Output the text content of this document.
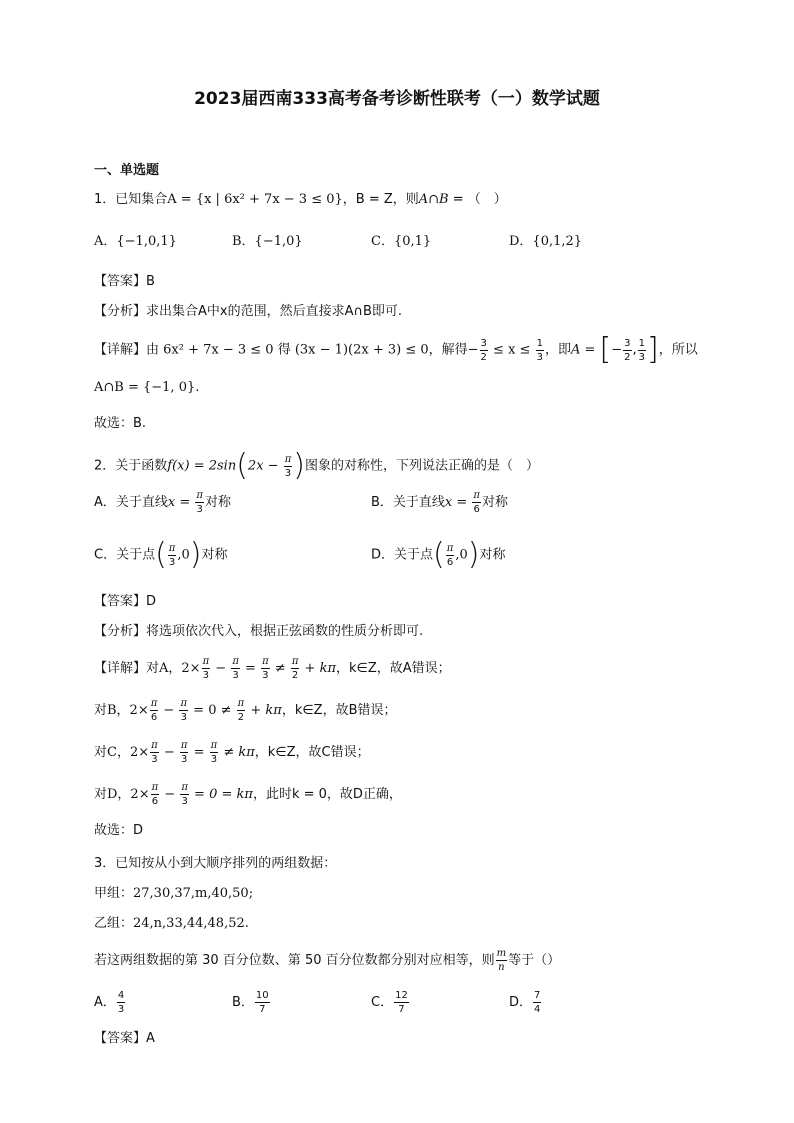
2023届西南333高考备考诊断性联考（一）数学试题
一、单选题
1．已知集合A = {x | 6x² + 7x − 3 ≤ 0}，B = Z，则A∩B = （　）
A．{−1,0,1}	B．{−1,0}	C．{0,1}	D．{0,1,2}
【答案】B
【分析】求出集合A中x的范围，然后直接求A∩B即可.
【详解】由 6x² + 7x − 3 ≤ 0 得 (3x − 1)(2x + 3) ≤ 0，解得− $\frac{3}{2} \le x \le \frac{1}{3}$ ，即A = [− $\frac{3}{2}$ , $\frac{1}{3}$ ]，所以
A∩B = {−1, 0}.
故选：B.
2．关于函数$f(x) = 2\sin(2x - \frac{\pi}{3}$ )图象的对称性，下列说法正确的是（　）
A．关于直线$x = \frac{\pi}{3}$ 对称	B．关于直线$x = \frac{\pi}{6}$ 对称
C．关于点( $\frac{\pi}{3} ,0$)对称	D．关于点( $\frac{\pi}{6} ,0$)对称
【答案】D
【分析】将选项依次代入，根据正弦函数的性质分析即可.
【详解】对A，$2\times \frac{\pi}{3} - \frac{\pi}{3} = \frac{\pi}{3} \ne \frac{\pi}{2} + k\pi$，k∈Z，故A错误；
对B，$2\times \frac{\pi}{6} - \frac{\pi}{3} = 0 \ne \frac{\pi}{2} + k\pi$，k∈Z，故B错误；
对C，$2\times \frac{\pi}{3} - \frac{\pi}{3} = \frac{\pi}{3} \ne k\pi$，k∈Z，故C错误；
对D，$2\times \frac{\pi}{6} - \frac{\pi}{3} = 0 = k\pi$，此时k = 0，故D正确，
故选：D
3．已知按从小到大顺序排列的两组数据：
甲组：27,30,37,m,40,50;
乙组：24,n,33,44,48,52.
若这两组数据的第 30 百分位数、第 50 百分位数都分别对应相等，则 $\frac{m}{n}$ 等于（）
A． $\frac{4}{3}$	B． $\frac{10}{7}$	C． $\frac{12}{7}$	D． $\frac{7}{4}$
【答案】A
